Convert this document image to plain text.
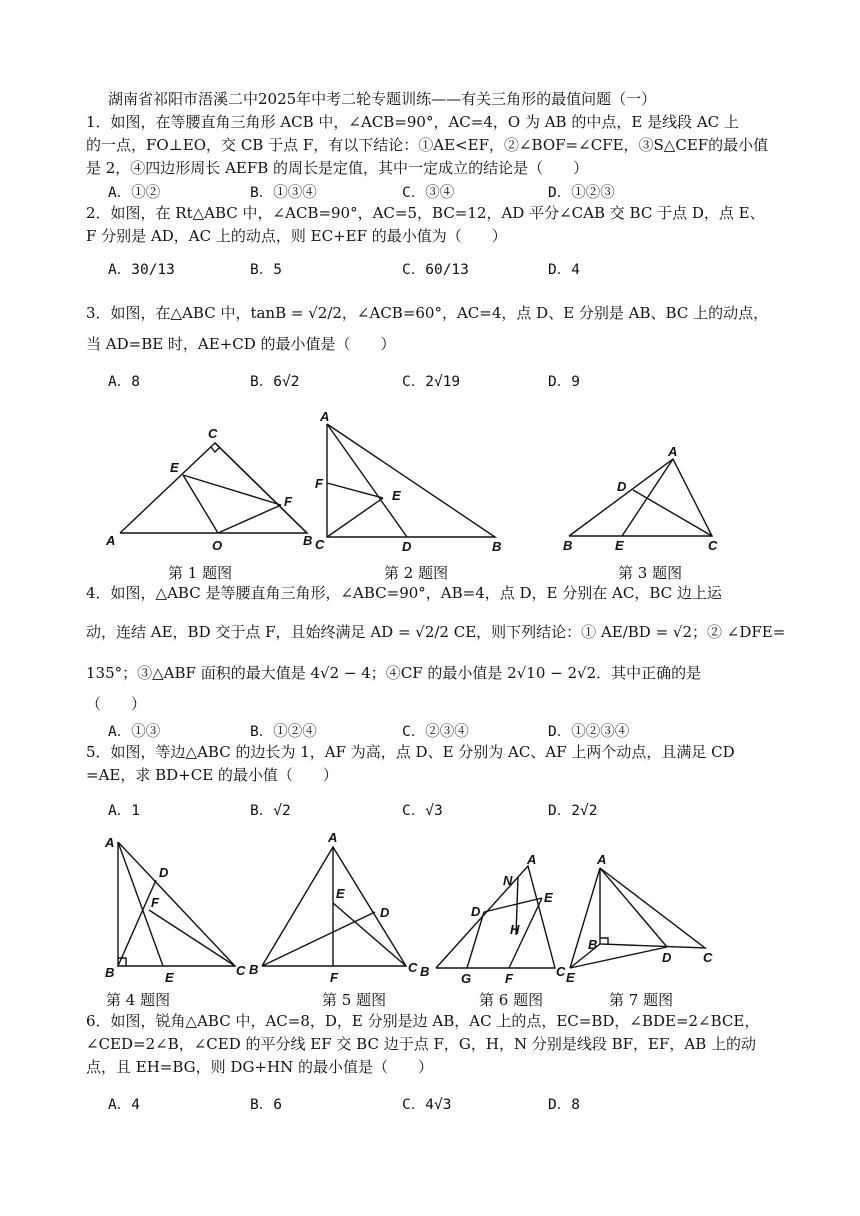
湖南省祁阳市浯溪二中2025年中考二轮专题训练——有关三角形的最值问题（一）
1．如图，在等腰直角三角形 ACB 中，∠ACB=90°，AC=4，O 为 AB 的中点，E 是线段 AC 上
的一点，FO⊥EO，交 CB 于点 F，有以下结论：①AE<EF，②∠BOF=∠CFE，③S△CEF的最小值
是 2，④四边形周长 AEFB 的周长是定值，其中一定成立的结论是（　　）
A．①②	B．①③④	C．③④	D．①②③
2．如图，在 Rt△ABC 中，∠ACB=90°，AC=5，BC=12，AD 平分∠CAB 交 BC 于点 D，点 E、
F 分别是 AD，AC 上的动点，则 EC+EF 的最小值为（　　）
A．30/13	B．5	C．60/13	D．4
3．如图，在△ABC 中，tanB = √2/2，∠ACB=60°，AC=4，点 D、E 分别是 AB、BC 上的动点，
当 AD=BE 时，AE+CD 的最小值是（　　）
A．8	B．6√2	C．2√19	D．9
C
E
F
A	O	B
A
F
E
C	D	B
A
D
B	E	C
第 1 题图	第 2 题图	第 3 题图
4．如图，△ABC 是等腰直角三角形，∠ABC=90°，AB=4，点 D，E 分别在 AC，BC 边上运
动，连结 AE，BD 交于点 F，且始终满足 AD = √2/2 CE，则下列结论：① AE/BD = √2；② ∠DFE=
135°；③△ABF 面积的最大值是 4√2 − 4；④CF 的最小值是 2√10 − 2√2．其中正确的是
（　　）
A．①③	B．①②④	C．②③④	D．①②③④
5．如图，等边△ABC 的边长为 1，AF 为高，点 D、E 分别为 AC、AF 上两个动点，且满足 CD
=AE，求 BD+CE 的最小值（　　）
A．1	B．√2	C．√3	D．2√2
A
D
F
B	E	C
A
E
D
B
F
C
A
N
E
D
H
B G	F	C
A
B
D C
E
第 4 题图	第 5 题图	第 6 题图	第 7 题图
6．如图，锐角△ABC 中，AC=8，D，E 分别是边 AB，AC 上的点，EC=BD，∠BDE=2∠BCE，
∠CED=2∠B，∠CED 的平分线 EF 交 BC 边于点 F，G，H，N 分别是线段 BF，EF，AB 上的动
点，且 EH=BG，则 DG+HN 的最小值是（　　）
A．4	B．6	C．4√3	D．8
